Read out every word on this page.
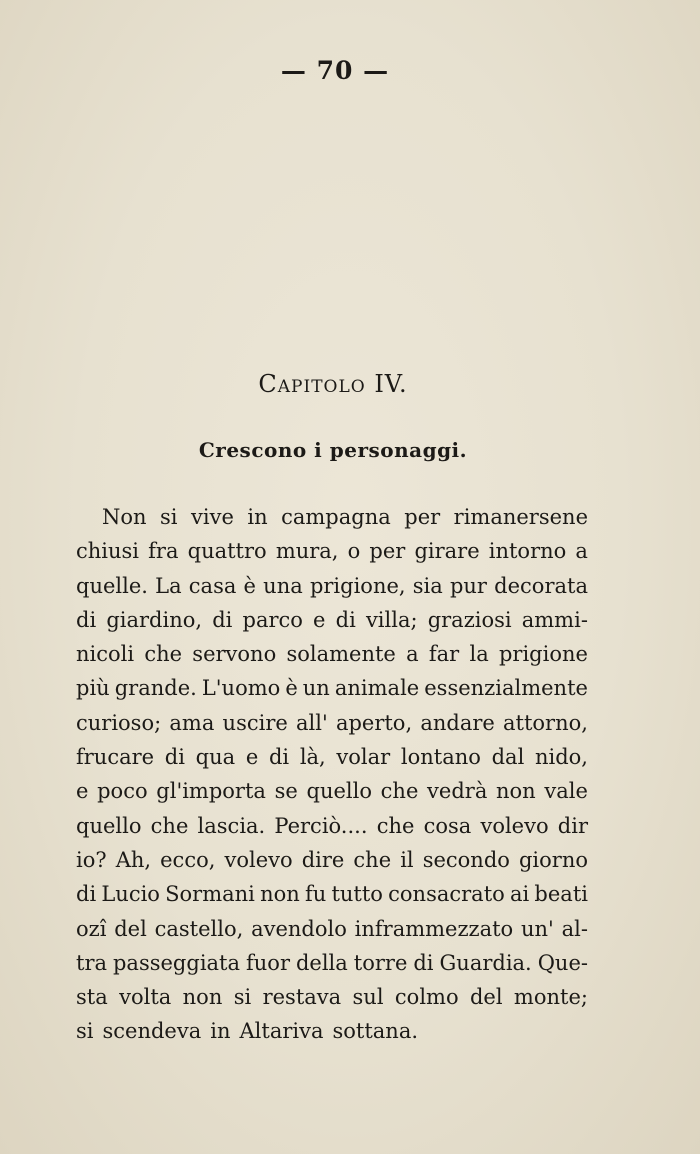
— 70 —
Capitolo IV.
Crescono i personaggi.
Non si vive in campagna per rimanersene
chiusi fra quattro mura, o per girare intorno a
quelle. La casa è una prigione, sia pur decorata
di giardino, di parco e di villa; graziosi ammi-
nicoli che servono solamente a far la prigione
più grande. L'uomo è un animale essenzialmente
curioso; ama uscire all' aperto, andare attorno,
frucare di qua e di là, volar lontano dal nido,
e poco gl'importa se quello che vedrà non vale
quello che lascia. Perciò.... che cosa volevo dir
io? Ah, ecco, volevo dire che il secondo giorno
di Lucio Sormani non fu tutto consacrato ai beati
ozî del castello, avendolo inframmezzato un' al-
tra passeggiata fuor della torre di Guardia. Que-
sta volta non si restava sul colmo del monte;
si scendeva in Altariva sottana.
